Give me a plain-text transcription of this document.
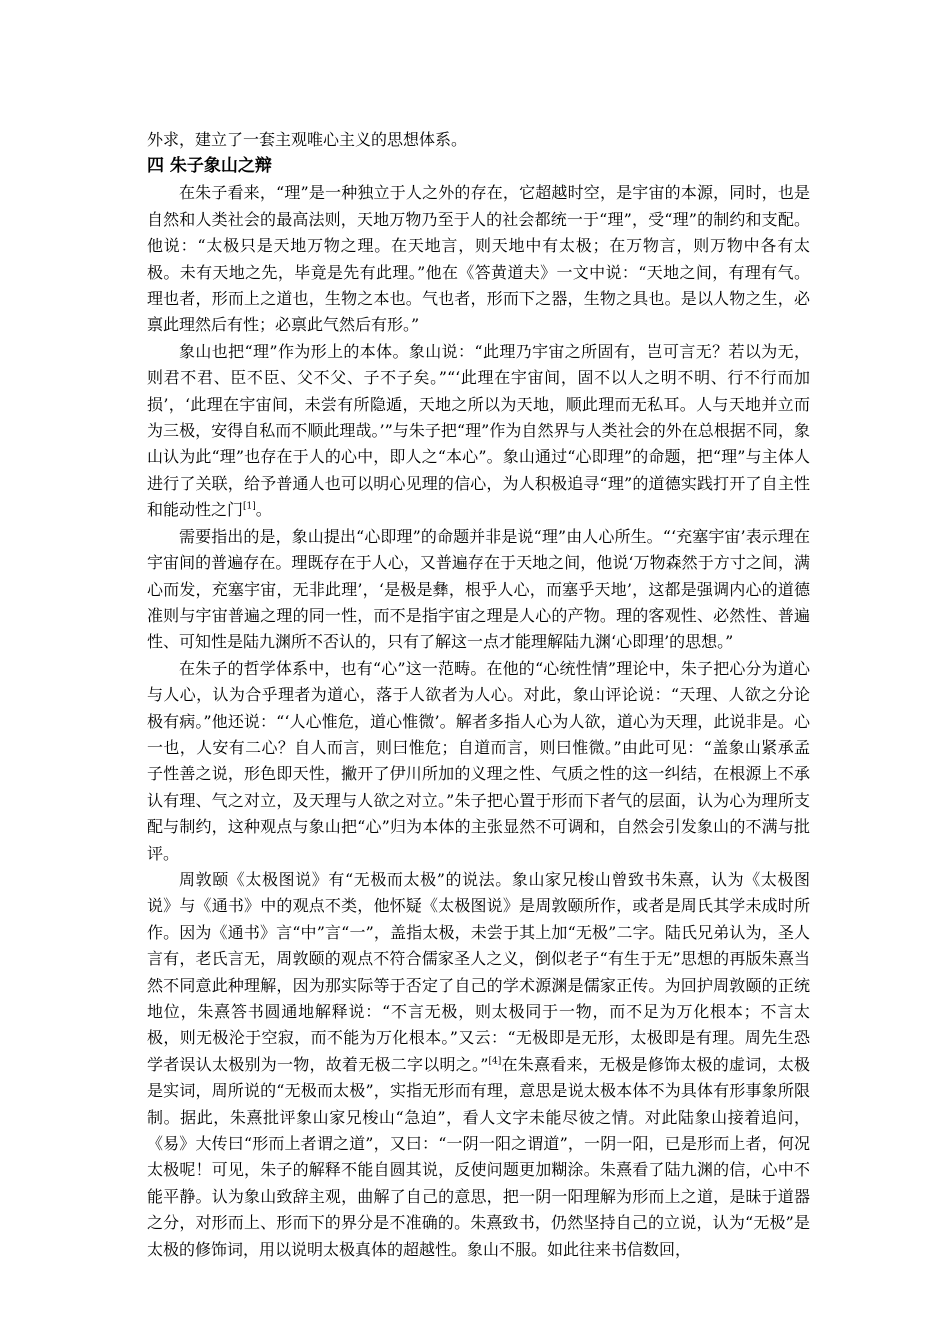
外求，建立了一套主观唯心主义的思想体系。

四 朱子象山之辩

在朱子看来，“理”是一种独立于人之外的存在，它超越时空，是宇宙的本源，同时，也是自然和人类社会的最高法则，天地万物乃至于人的社会都统一于“理”，受“理”的制约和支配。他说：“太极只是天地万物之理。在天地言，则天地中有太极；在万物言，则万物中各有太极。未有天地之先，毕竟是先有此理。”他在《答黄道夫》一文中说：“天地之间，有理有气。理也者，形而上之道也，生物之本也。气也者，形而下之器，生物之具也。是以人物之生，必禀此理然后有性；必禀此气然后有形。”

象山也把“理”作为形上的本体。象山说：“此理乃宇宙之所固有，岂可言无？若以为无，则君不君、臣不臣、父不父、子不子矣。”“‘此理在宇宙间，固不以人之明不明、行不行而加损’，‘此理在宇宙间，未尝有所隐遁，天地之所以为天地，顺此理而无私耳。人与天地并立而为三极，安得自私而不顺此理哉。’”与朱子把“理”作为自然界与人类社会的外在总根据不同，象山认为此“理”也存在于人的心中，即人之“本心”。象山通过“心即理”的命题，把“理”与主体人进行了关联，给予普通人也可以明心见理的信心，为人积极追寻“理”的道德实践打开了自主性和能动性之门[1]。

需要指出的是，象山提出“心即理”的命题并非是说“理”由人心所生。“‘充塞宇宙’表示理在宇宙间的普遍存在。理既存在于人心，又普遍存在于天地之间，他说‘万物森然于方寸之间，满心而发，充塞宇宙，无非此理’，‘是极是彝，根乎人心，而塞乎天地’，这都是强调内心的道德准则与宇宙普遍之理的同一性，而不是指宇宙之理是人心的产物。理的客观性、必然性、普遍性、可知性是陆九渊所不否认的，只有了解这一点才能理解陆九渊‘心即理’的思想。”

在朱子的哲学体系中，也有“心”这一范畴。在他的“心统性情”理论中，朱子把心分为道心与人心，认为合乎理者为道心，落于人欲者为人心。对此，象山评论说：“天理、人欲之分论极有病。”他还说：“‘人心惟危，道心惟微’。解者多指人心为人欲，道心为天理，此说非是。心一也，人安有二心？自人而言，则曰惟危；自道而言，则曰惟微。”由此可见：“盖象山紧承孟子性善之说，形色即天性，撇开了伊川所加的义理之性、气质之性的这一纠结，在根源上不承认有理、气之对立，及天理与人欲之对立。”朱子把心置于形而下者气的层面，认为心为理所支配与制约，这种观点与象山把“心”归为本体的主张显然不可调和，自然会引发象山的不满与批评。

周敦颐《太极图说》有“无极而太极”的说法。象山家兄梭山曾致书朱熹，认为《太极图说》与《通书》中的观点不类，他怀疑《太极图说》是周敦颐所作，或者是周氏其学未成时所作。因为《通书》言“中”言“一”，盖指太极，未尝于其上加“无极”二字。陆氏兄弟认为，圣人言有，老氏言无，周敦颐的观点不符合儒家圣人之义，倒似老子“有生于无”思想的再版朱熹当然不同意此种理解，因为那实际等于否定了自己的学术源渊是儒家正传。为回护周敦颐的正统地位，朱熹答书圆通地解释说：“不言无极，则太极同于一物，而不足为万化根本；不言太极，则无极沦于空寂，而不能为万化根本。”又云：“无极即是无形，太极即是有理。周先生恐学者误认太极别为一物，故着无极二字以明之。”[4]在朱熹看来，无极是修饰太极的虚词，太极是实词，周所说的“无极而太极”，实指无形而有理，意思是说太极本体不为具体有形事象所限制。据此，朱熹批评象山家兄梭山“急迫”，看人文字未能尽彼之情。对此陆象山接着追问，《易》大传曰“形而上者谓之道”，又曰：“一阴一阳之谓道”，一阴一阳，已是形而上者，何况太极呢！可见，朱子的解释不能自圆其说，反使问题更加糊涂。朱熹看了陆九渊的信，心中不能平静。认为象山致辞主观，曲解了自己的意思，把一阴一阳理解为形而上之道，是昧于道器之分，对形而上、形而下的界分是不准确的。朱熹致书，仍然坚持自己的立说，认为“无极”是太极的修饰词，用以说明太极真体的超越性。象山不服。如此往来书信数回，
